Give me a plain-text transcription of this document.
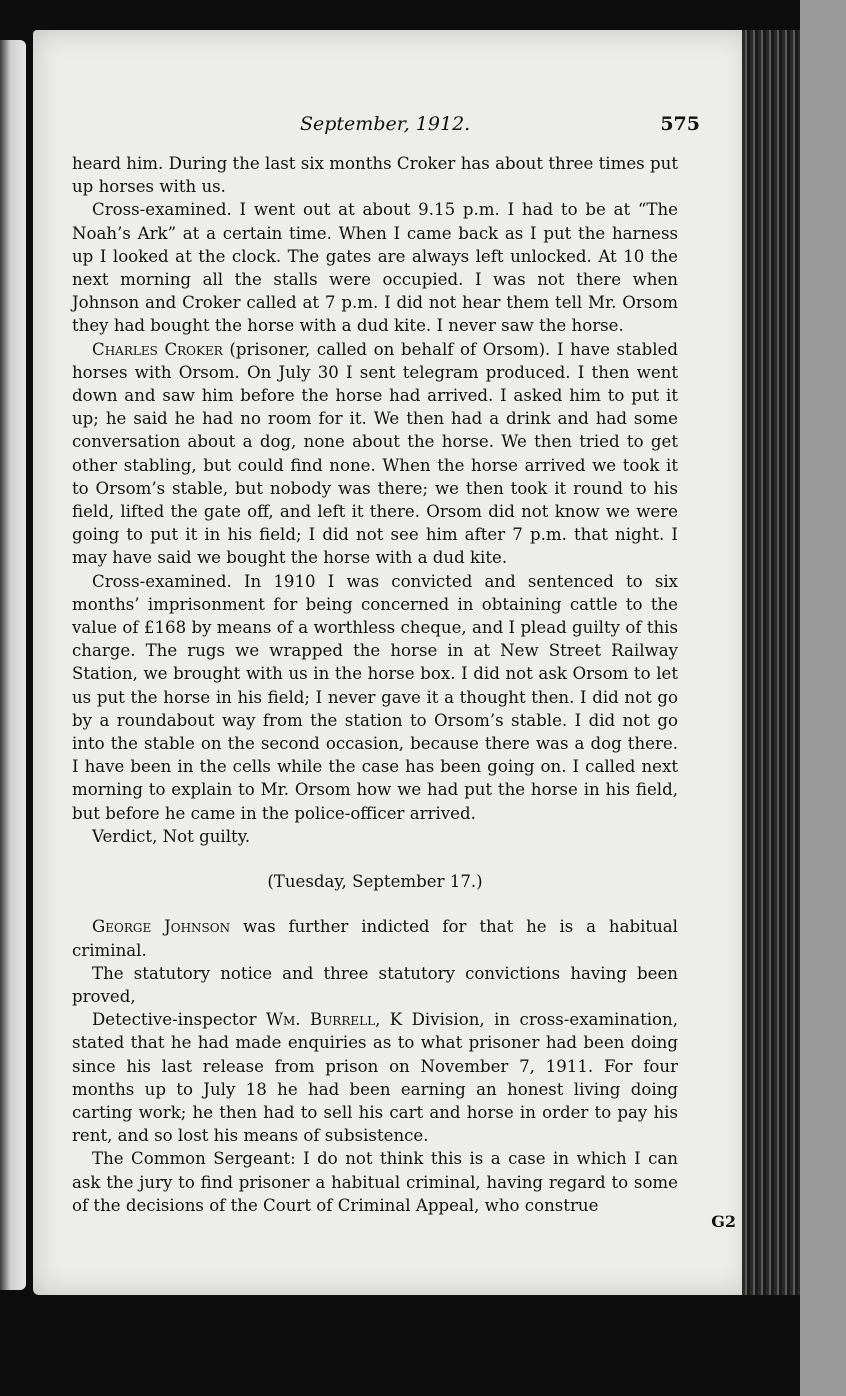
September, 1912.	575

heard him. During the last six months Croker has about three times put up horses with us.

Cross-examined. I went out at about 9.15 p.m. I had to be at “The Noah’s Ark” at a certain time. When I came back as I put the harness up I looked at the clock. The gates are always left unlocked. At 10 the next morning all the stalls were occupied. I was not there when Johnson and Croker called at 7 p.m. I did not hear them tell Mr. Orsom they had bought the horse with a dud kite. I never saw the horse.

Charles Croker (prisoner, called on behalf of Orsom). I have stabled horses with Orsom. On July 30 I sent telegram produced. I then went down and saw him before the horse had arrived. I asked him to put it up; he said he had no room for it. We then had a drink and had some conversation about a dog, none about the horse. We then tried to get other stabling, but could find none. When the horse arrived we took it to Orsom’s stable, but nobody was there; we then took it round to his field, lifted the gate off, and left it there. Orsom did not know we were going to put it in his field; I did not see him after 7 p.m. that night. I may have said we bought the horse with a dud kite.

Cross-examined. In 1910 I was convicted and sentenced to six months’ imprisonment for being concerned in obtaining cattle to the value of £168 by means of a worthless cheque, and I plead guilty of this charge. The rugs we wrapped the horse in at New Street Railway Station, we brought with us in the horse box. I did not ask Orsom to let us put the horse in his field; I never gave it a thought then. I did not go by a roundabout way from the station to Orsom’s stable. I did not go into the stable on the second occasion, because there was a dog there. I have been in the cells while the case has been going on. I called next morning to explain to Mr. Orsom how we had put the horse in his field, but before he came in the police-officer arrived.

Verdict, Not guilty.

(Tuesday, September 17.)

George Johnson was further indicted for that he is a habitual criminal.

The statutory notice and three statutory convictions having been proved,

Detective-inspector Wm. Burrell, K Division, in cross-examination, stated that he had made enquiries as to what prisoner had been doing since his last release from prison on November 7, 1911. For four months up to July 18 he had been earning an honest living doing carting work; he then had to sell his cart and horse in order to pay his rent, and so lost his means of subsistence.

The Common Sergeant: I do not think this is a case in which I can ask the jury to find prisoner a habitual criminal, having regard to some of the decisions of the Court of Criminal Appeal, who construe

G2
